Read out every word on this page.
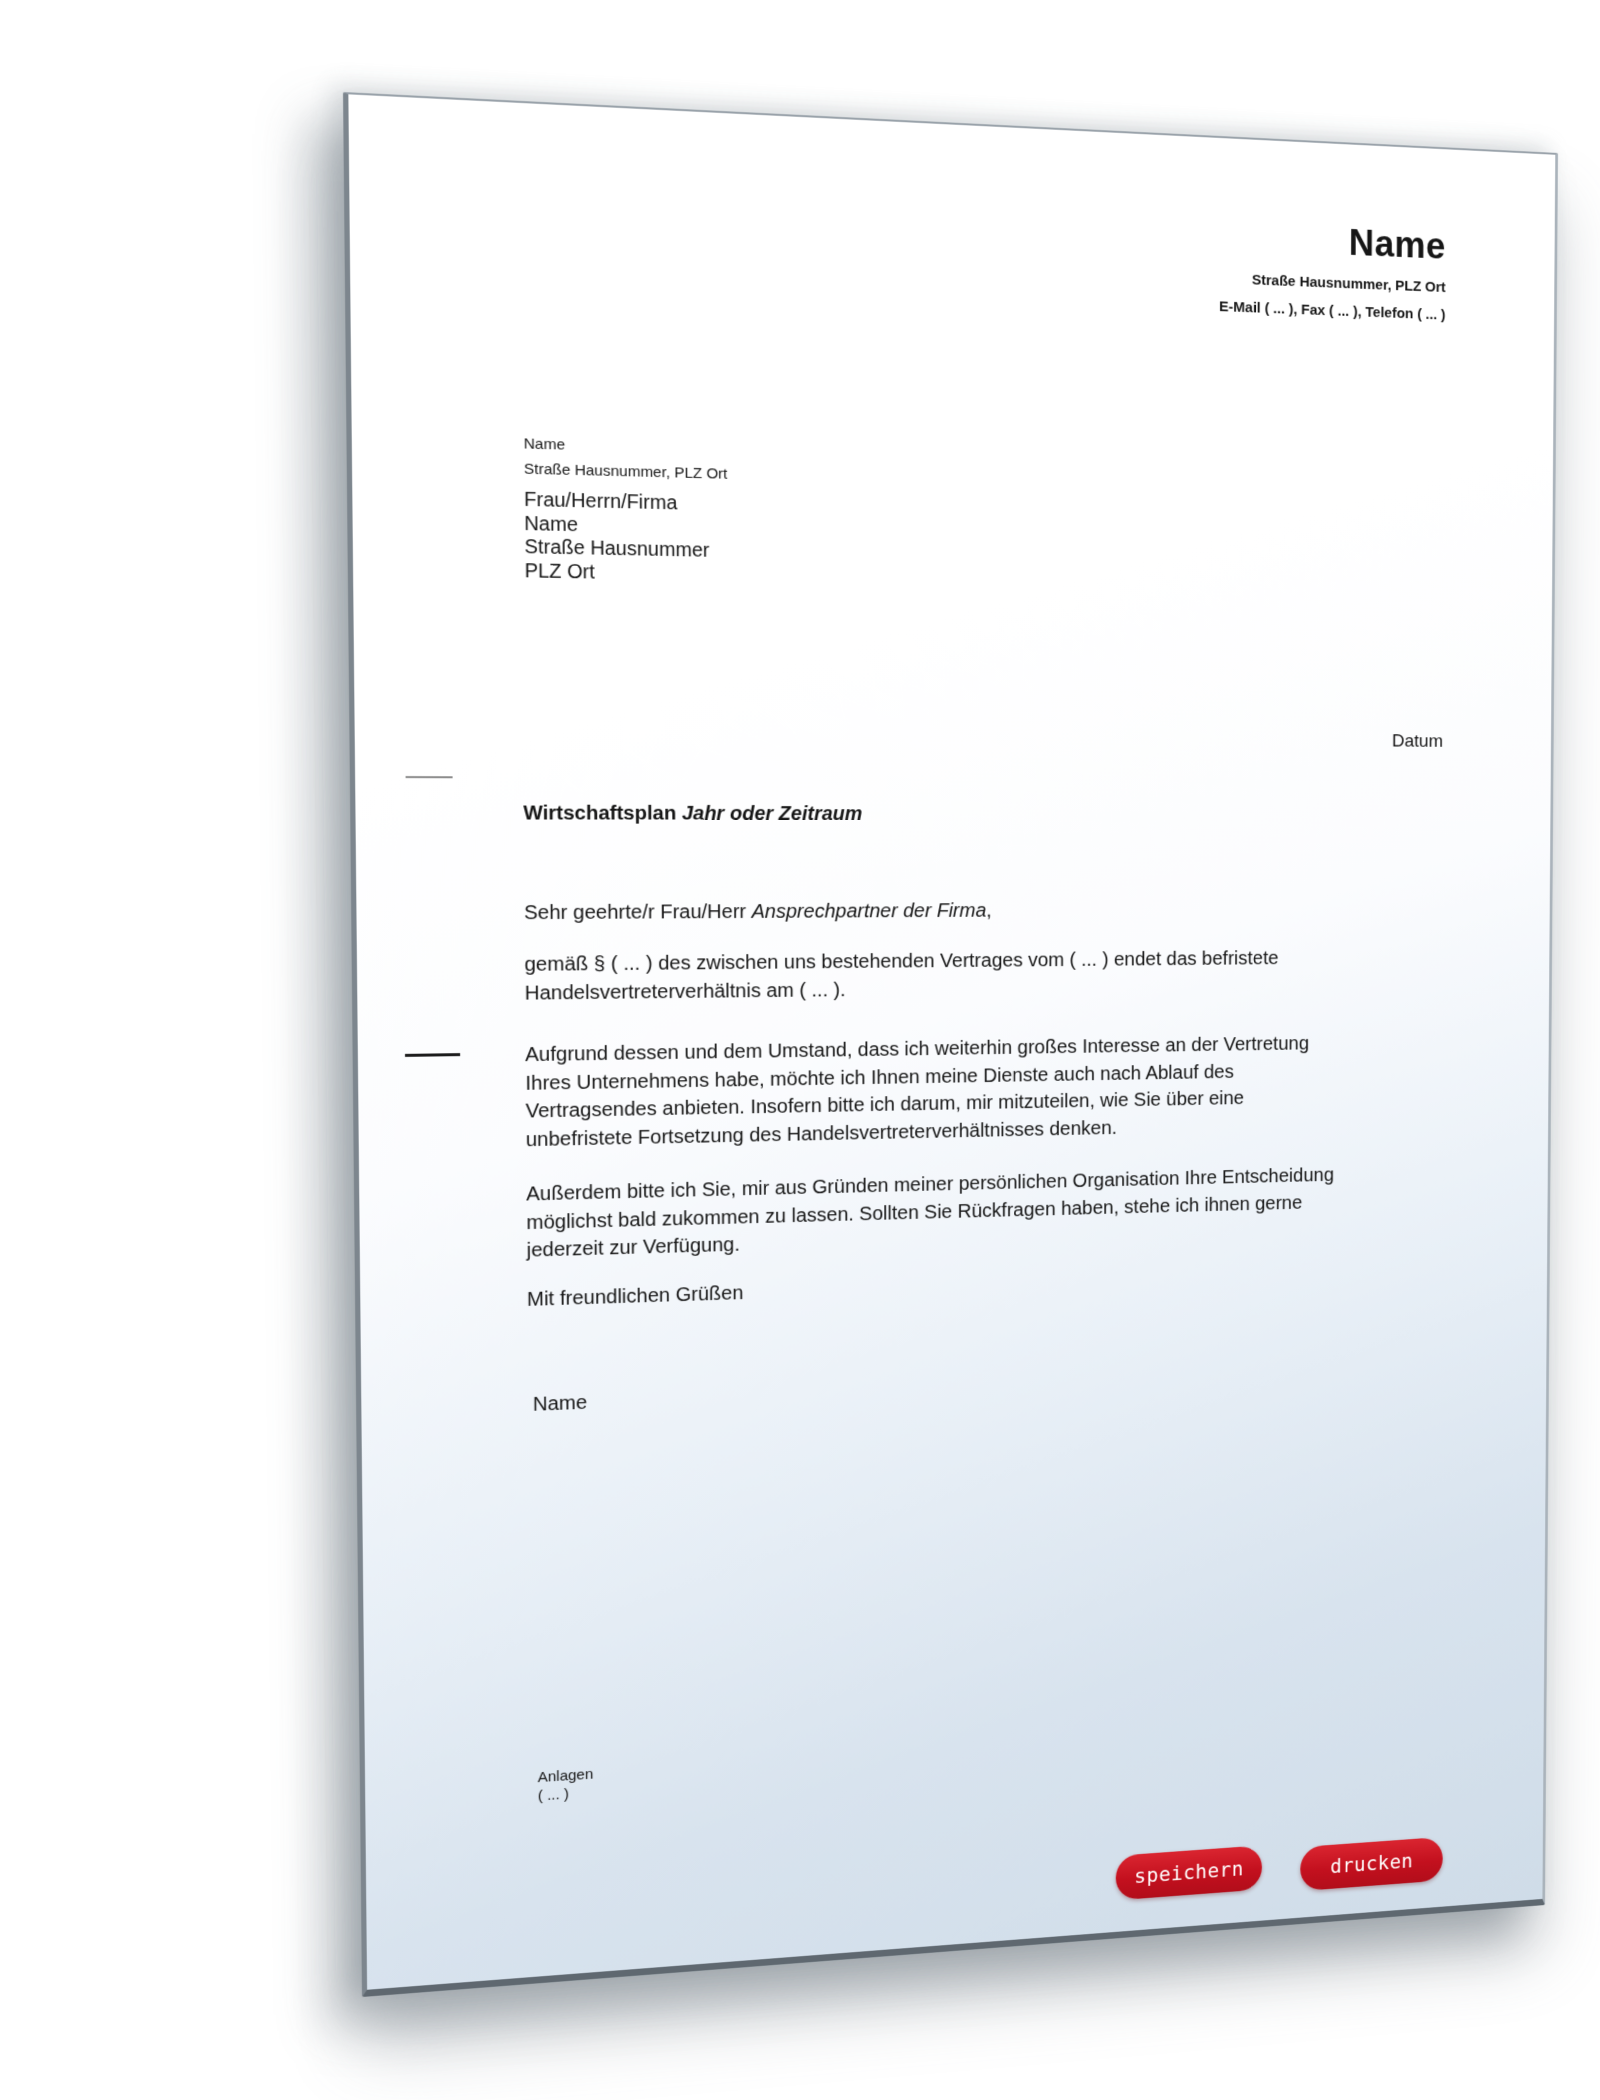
Name
Straße Hausnummer, PLZ Ort
E-Mail ( ... ), Fax ( ... ), Telefon ( ... )
Name
Straße Hausnummer, PLZ Ort
Frau/Herrn/Firma
Name
Straße Hausnummer
PLZ Ort
Datum
Wirtschaftsplan Jahr oder Zeitraum
Sehr geehrte/r Frau/Herr Ansprechpartner der Firma,
gemäß § ( ... ) des zwischen uns bestehenden Vertrages vom ( ... ) endet das befristete
Handelsvertreterverhältnis am ( ... ).
Aufgrund dessen und dem Umstand, dass ich weiterhin großes Interesse an der Vertretung
Ihres Unternehmens habe, möchte ich Ihnen meine Dienste auch nach Ablauf des
Vertragsendes anbieten. Insofern bitte ich darum, mir mitzuteilen, wie Sie über eine
unbefristete Fortsetzung des Handelsvertreterverhältnisses denken.
Außerdem bitte ich Sie, mir aus Gründen meiner persönlichen Organisation Ihre Entscheidung
möglichst bald zukommen zu lassen. Sollten Sie Rückfragen haben, stehe ich ihnen gerne
jederzeit zur Verfügung.
Mit freundlichen Grüßen
Name
Anlagen
( ... )
speichern	drucken
